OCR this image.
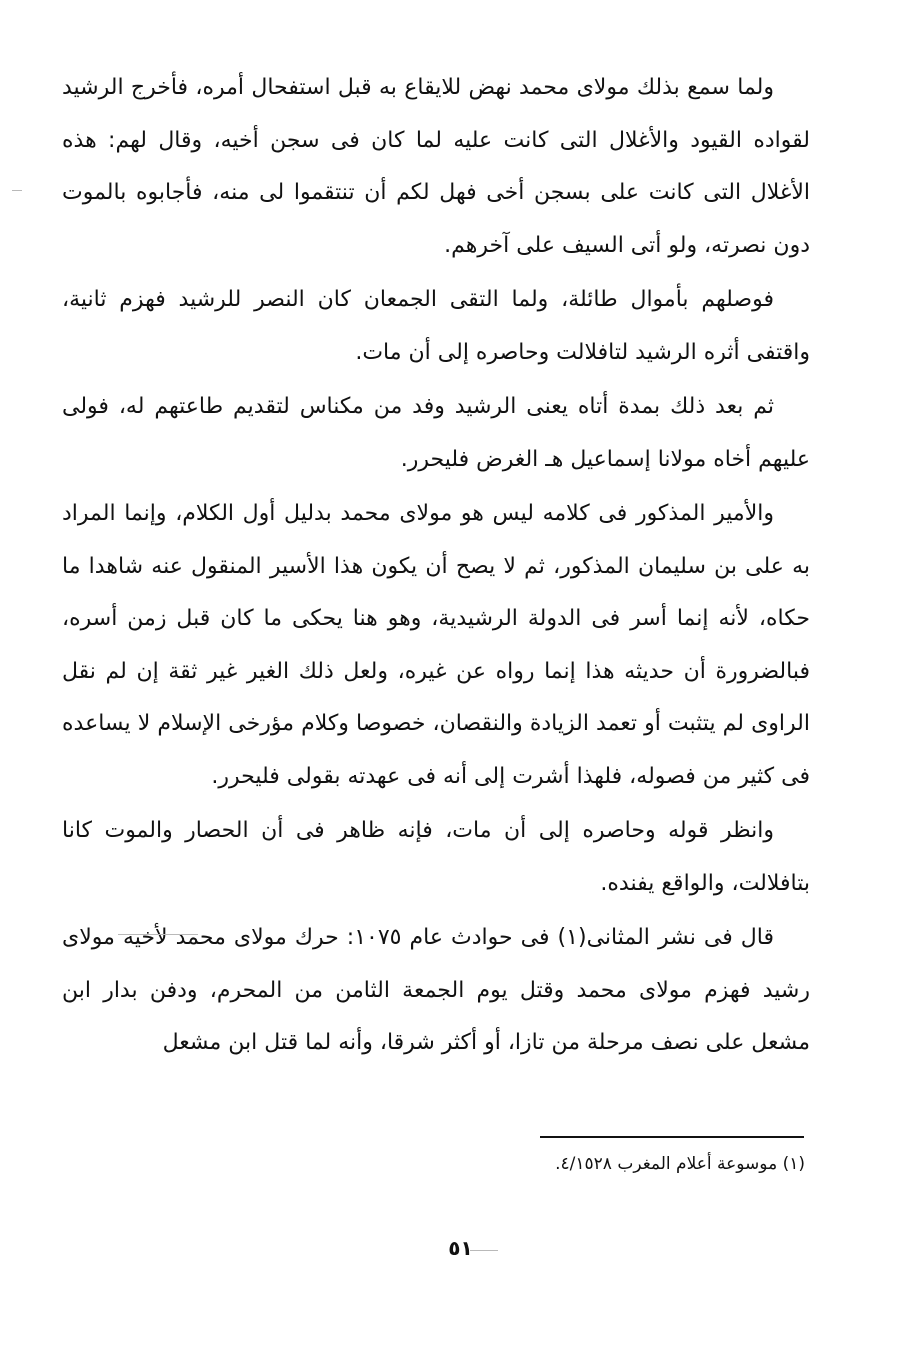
ولما سمع بذلك مولاى محمد نهض للايقاع به قبل استفحال أمره، فأخرج الرشيد لقواده القيود والأغلال التى كانت عليه لما كان فى سجن أخيه، وقال لهم: هذه الأغلال التى كانت على بسجن أخى فهل لكم أن تنتقموا لى منه، فأجابوه بالموت دون نصرته، ولو أتى السيف على آخرهم.

فوصلهم بأموال طائلة، ولما التقى الجمعان كان النصر للرشيد فهزم ثانية، واقتفى أثره الرشيد لتافلالت وحاصره إلى أن مات.

ثم بعد ذلك بمدة أتاه يعنى الرشيد وفد من مكناس لتقديم طاعتهم له، فولى عليهم أخاه مولانا إسماعيل هـ الغرض فليحرر.

والأمير المذكور فى كلامه ليس هو مولاى محمد بدليل أول الكلام، وإنما المراد به على بن سليمان المذكور، ثم لا يصح أن يكون هذا الأسير المنقول عنه شاهدا ما حكاه، لأنه إنما أسر فى الدولة الرشيدية، وهو هنا يحكى ما كان قبل زمن أسره، فبالضرورة أن حديثه هذا إنما رواه عن غيره، ولعل ذلك الغير غير ثقة إن لم نقل الراوى لم يتثبت أو تعمد الزيادة والنقصان، خصوصا وكلام مؤرخى الإسلام لا يساعده فى كثير من فصوله، فلهذا أشرت إلى أنه فى عهدته بقولى فليحرر.

وانظر قوله وحاصره إلى أن مات، فإنه ظاهر فى أن الحصار والموت كانا بتافلالت، والواقع يفنده.

قال فى نشر المثانى(١) فى حوادث عام ١٠٧٥: حرك مولاى محمد لأخيه مولاى رشيد فهزم مولاى محمد وقتل يوم الجمعة الثامن من المحرم، ودفن بدار ابن مشعل على نصف مرحلة من تازا، أو أكثر شرقا، وأنه لما قتل ابن مشعل

(١) موسوعة أعلام المغرب ٤/١٥٢٨.
٥١
